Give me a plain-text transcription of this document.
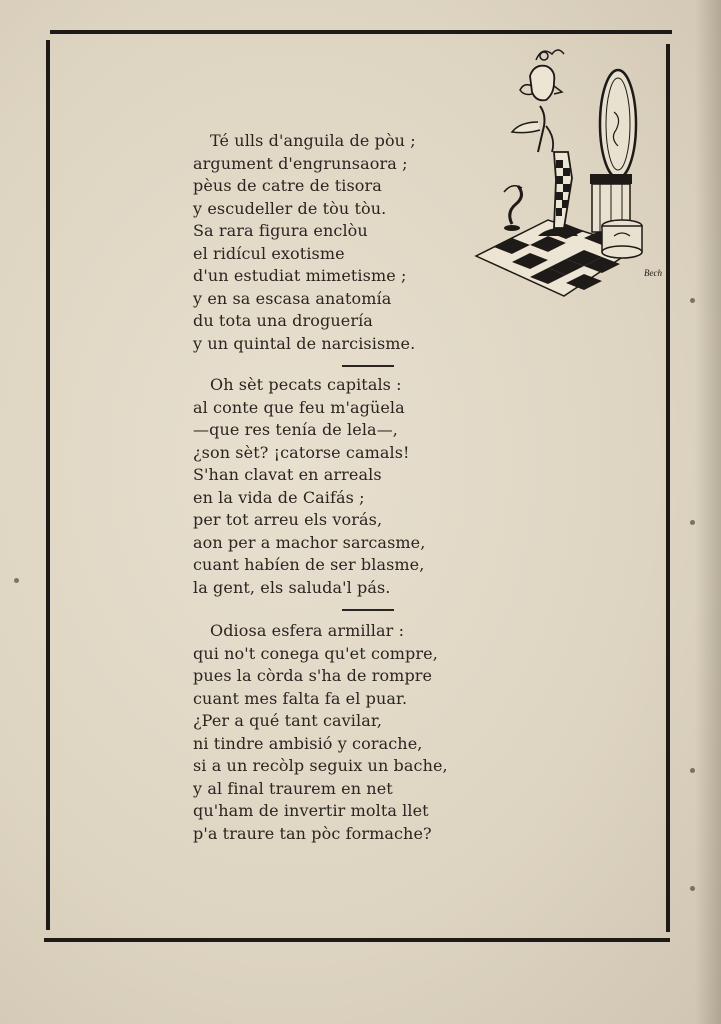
Té ulls d'anguila de pòu ;
argument d'engrunsaora ;
pèus de catre de tisora
y escudeller de tòu tòu.
Sa rara figura enclòu
el ridícul exotisme
d'un estudiat mimetisme ;
y en sa escasa anatomía
du tota una droguería
y un quintal de narcisisme.
Oh sèt pecats capitals :
al conte que feu m'agüela
—que res tenía de lela—,
¿son sèt? ¡catorse camals!
S'han clavat en arreals
en la vida de Caifás ;
per tot arreu els vorás,
aon per a machor sarcasme,
cuant habíen de ser blasme,
la gent, els saluda'l pás.
Odiosa esfera armillar :
qui no't conega qu'et compre,
pues la còrda s'ha de rompre
cuant mes falta fa el puar.
¿Per a qué tant cavilar,
ni tindre ambisió y corache,
si a un recòlp seguix un bache,
y al final traurem en net
qu'ham de invertir molta llet
p'a traure tan pòc formache?
Bech
